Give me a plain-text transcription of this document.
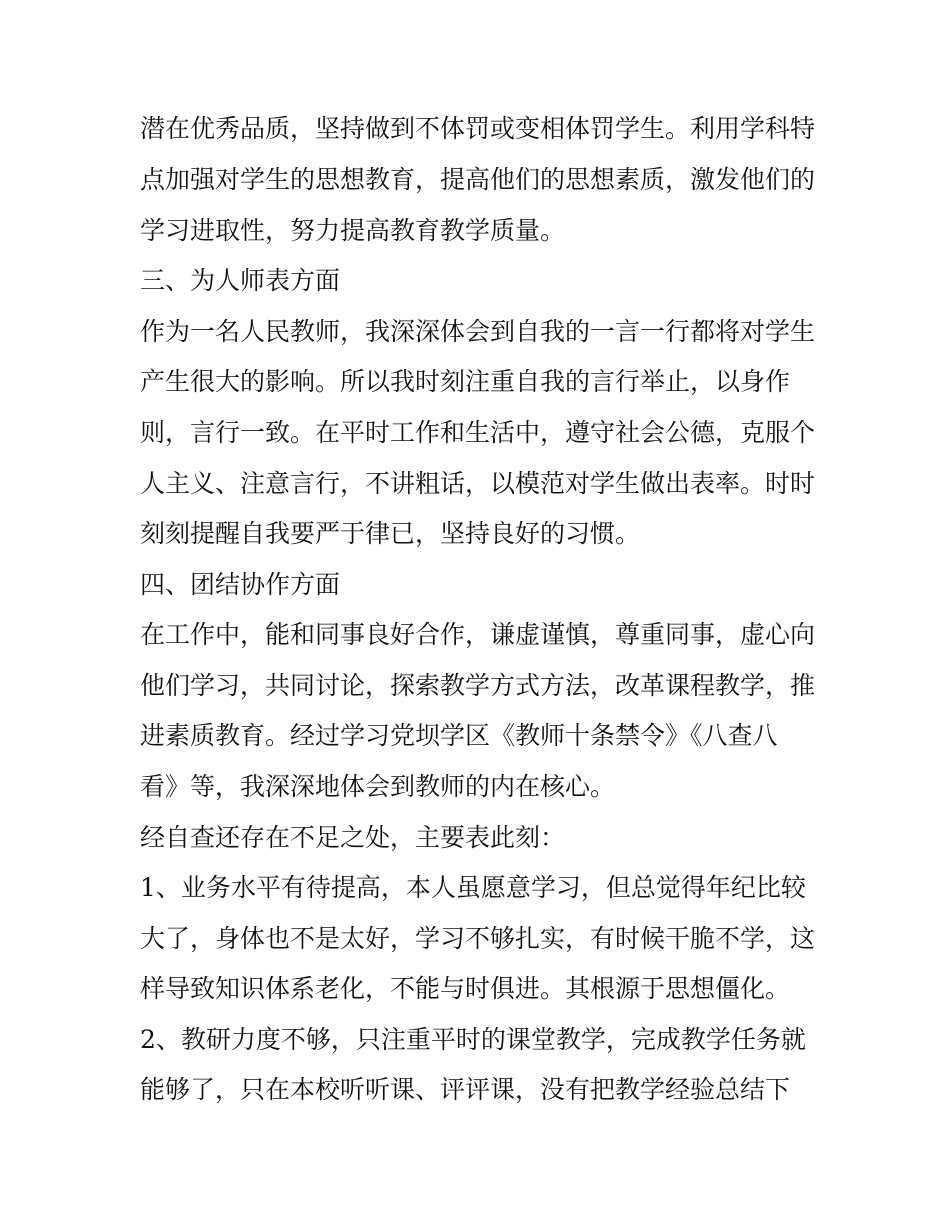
潜在优秀品质，坚持做到不体罚或变相体罚学生。利用学科特

点加强对学生的思想教育，提高他们的思想素质，激发他们的

学习进取性，努力提高教育教学质量。

三、为人师表方面

作为一名人民教师，我深深体会到自我的一言一行都将对学生

产生很大的影响。所以我时刻注重自我的言行举止，以身作

则，言行一致。在平时工作和生活中，遵守社会公德，克服个

人主义、注意言行，不讲粗话，以模范对学生做出表率。时时

刻刻提醒自我要严于律已，坚持良好的习惯。

四、团结协作方面

在工作中，能和同事良好合作，谦虚谨慎，尊重同事，虚心向

他们学习，共同讨论，探索教学方式方法，改革课程教学，推

进素质教育。经过学习党坝学区《教师十条禁令》《八查八

看》等，我深深地体会到教师的内在核心。

经自查还存在不足之处，主要表此刻：

1、业务水平有待提高，本人虽愿意学习，但总觉得年纪比较

大了，身体也不是太好，学习不够扎实，有时候干脆不学，这

样导致知识体系老化，不能与时俱进。其根源于思想僵化。

2、教研力度不够，只注重平时的课堂教学，完成教学任务就

能够了，只在本校听听课、评评课，没有把教学经验总结下
